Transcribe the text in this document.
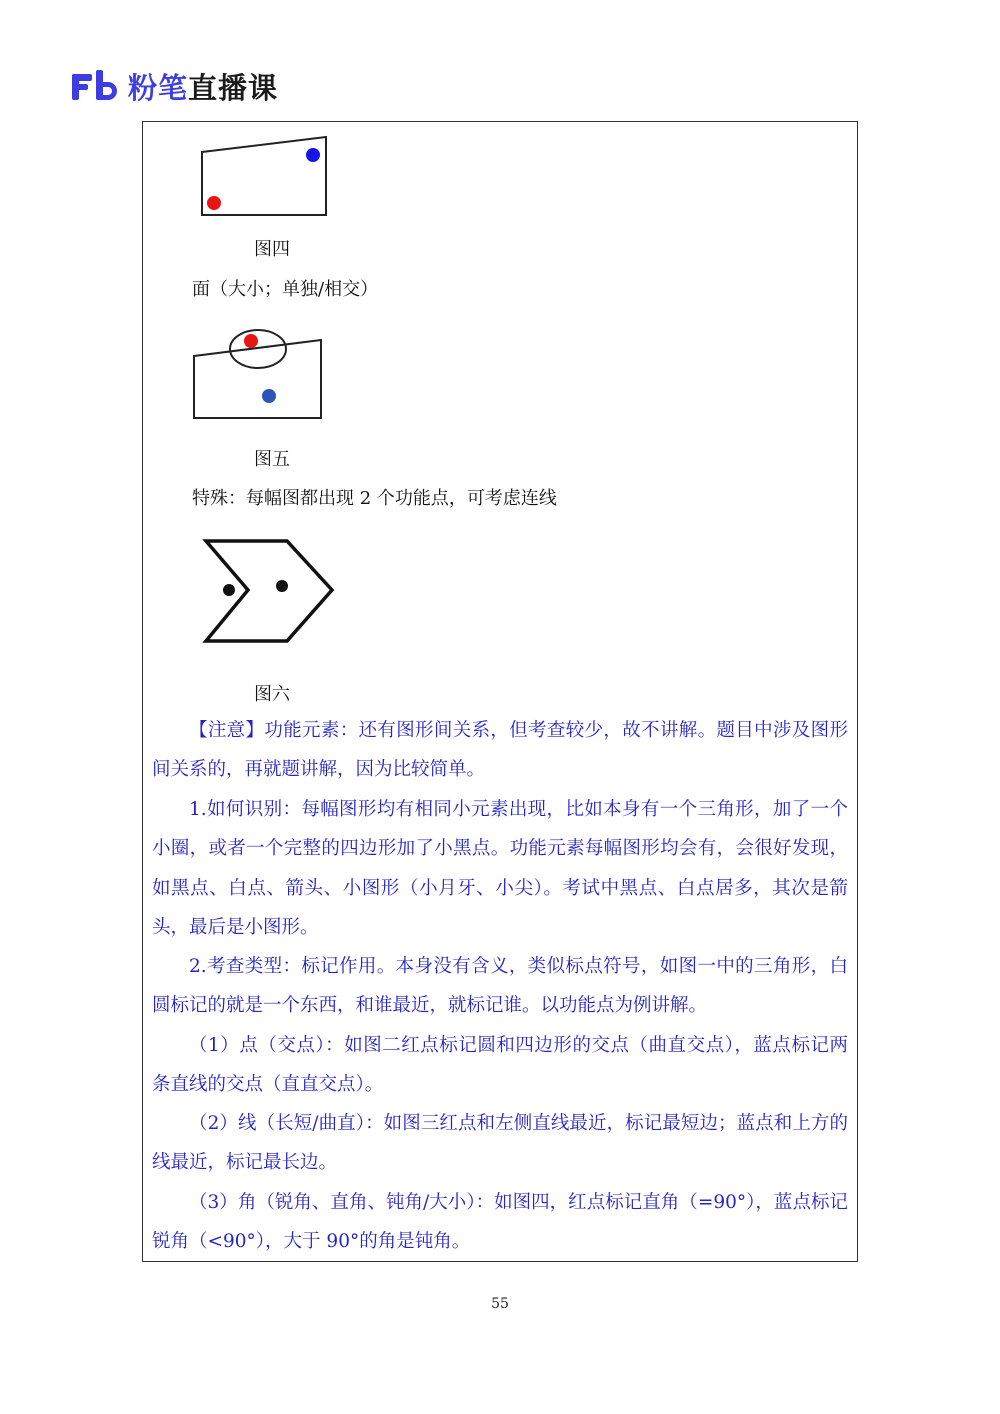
粉笔直播课
图四
面（大小；单独/相交）
图五
特殊：每幅图都出现 2 个功能点，可考虑连线
图六

【注意】功能元素：还有图形间关系，但考查较少，故不讲解。题目中涉及图形间关系的，再就题讲解，因为比较简单。

1.如何识别：每幅图形均有相同小元素出现，比如本身有一个三角形，加了一个小圈，或者一个完整的四边形加了小黑点。功能元素每幅图形均会有，会很好发现，如黑点、白点、箭头、小图形（小月牙、小尖）。考试中黑点、白点居多，其次是箭头，最后是小图形。

2.考查类型：标记作用。本身没有含义，类似标点符号，如图一中的三角形，白圆标记的就是一个东西，和谁最近，就标记谁。以功能点为例讲解。

（1）点（交点）：如图二红点标记圆和四边形的交点（曲直交点），蓝点标记两条直线的交点（直直交点）。

（2）线（长短/曲直）：如图三红点和左侧直线最近，标记最短边；蓝点和上方的线最近，标记最长边。

（3）角（锐角、直角、钝角/大小）：如图四，红点标记直角（=90°），蓝点标记锐角（<90°），大于 90°的角是钝角。

55
